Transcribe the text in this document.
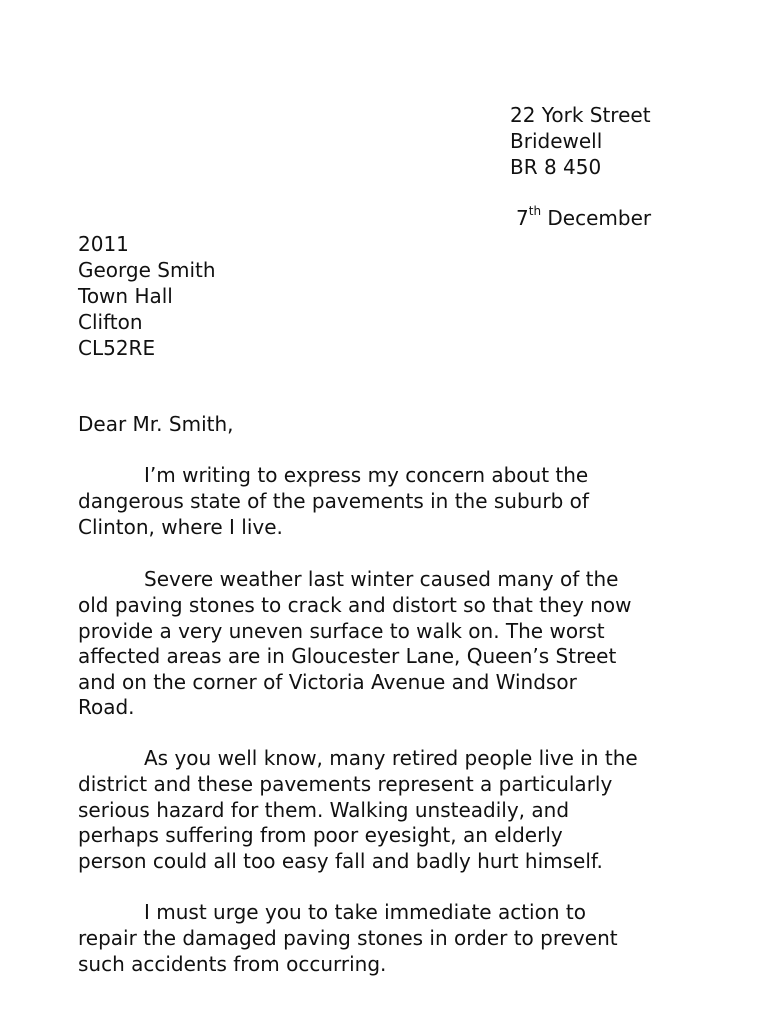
22 York Street

Bridewell

BR 8 450

7th December

2011

George Smith

Town Hall

Clifton

CL52RE

Dear Mr. Smith,

I’m writing to express my concern about the

dangerous state of the pavements in the suburb of

Clinton, where I live.

Severe weather last winter caused many of the

old paving stones to crack and distort so that they now

provide a very uneven surface to walk on. The worst

affected areas are in Gloucester Lane, Queen’s Street

and on the corner of Victoria Avenue and Windsor

Road.

As you well know, many retired people live in the

district and these pavements represent a particularly

serious hazard for them. Walking unsteadily, and

perhaps suffering from poor eyesight, an elderly

person could all too easy fall and badly hurt himself.

I must urge you to take immediate action to

repair the damaged paving stones in order to prevent

such accidents from occurring.
